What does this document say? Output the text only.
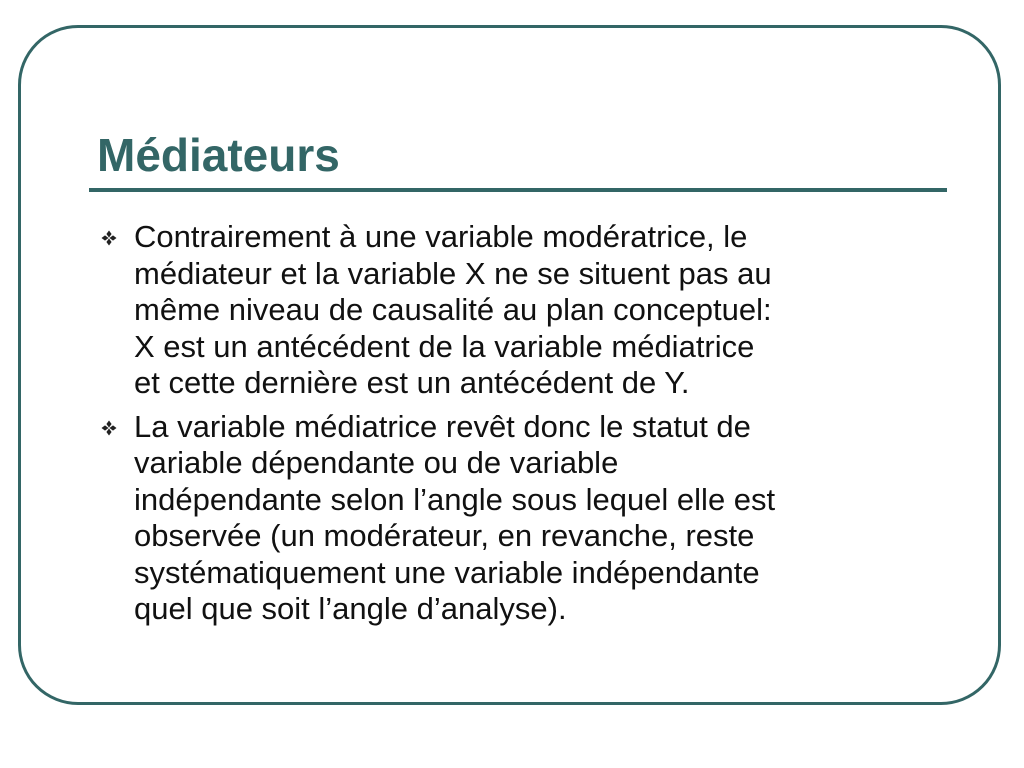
Médiateurs
Contrairement à une variable modératrice, le
médiateur et la variable X ne se situent pas au
même niveau de causalité au plan conceptuel:
X est un antécédent de la variable médiatrice
et cette dernière est un antécédent de Y.
La variable médiatrice revêt donc le statut de
variable dépendante ou de variable
indépendante selon l’angle sous lequel elle est
observée (un modérateur, en revanche, reste
systématiquement une variable indépendante
quel que soit l’angle d’analyse).
